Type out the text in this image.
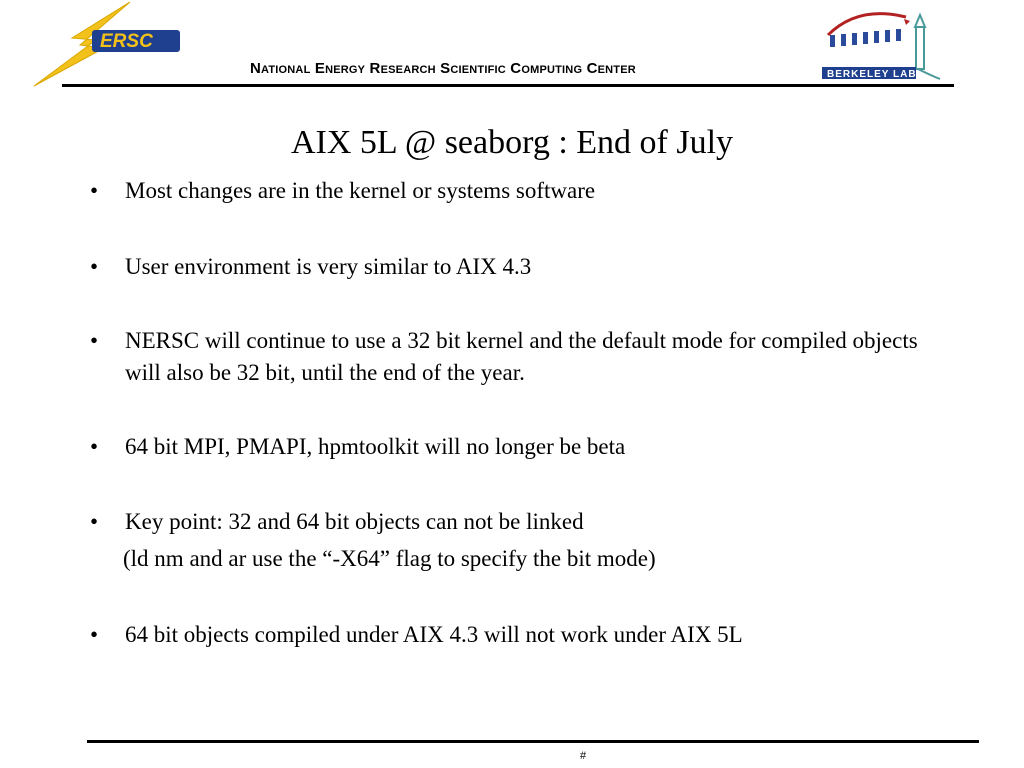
ERSC
National Energy Research Scientific Computing Center	BERKELEY LAB
AIX 5L @ seaborg : End of July
• Most changes are in the kernel or systems software
• User environment is very similar to AIX 4.3
• NERSC will continue to use a 32 bit kernel and the default mode for compiled objects will also be 32 bit, until the end of the year.
• 64 bit MPI, PMAPI, hpmtoolkit will no longer be beta
• Key point: 32 and 64 bit objects can not be linked
• 64 bit objects compiled under AIX 4.3 will not work under AIX 5L
(ld nm and ar use the “-X64” flag to specify the bit mode)
#
